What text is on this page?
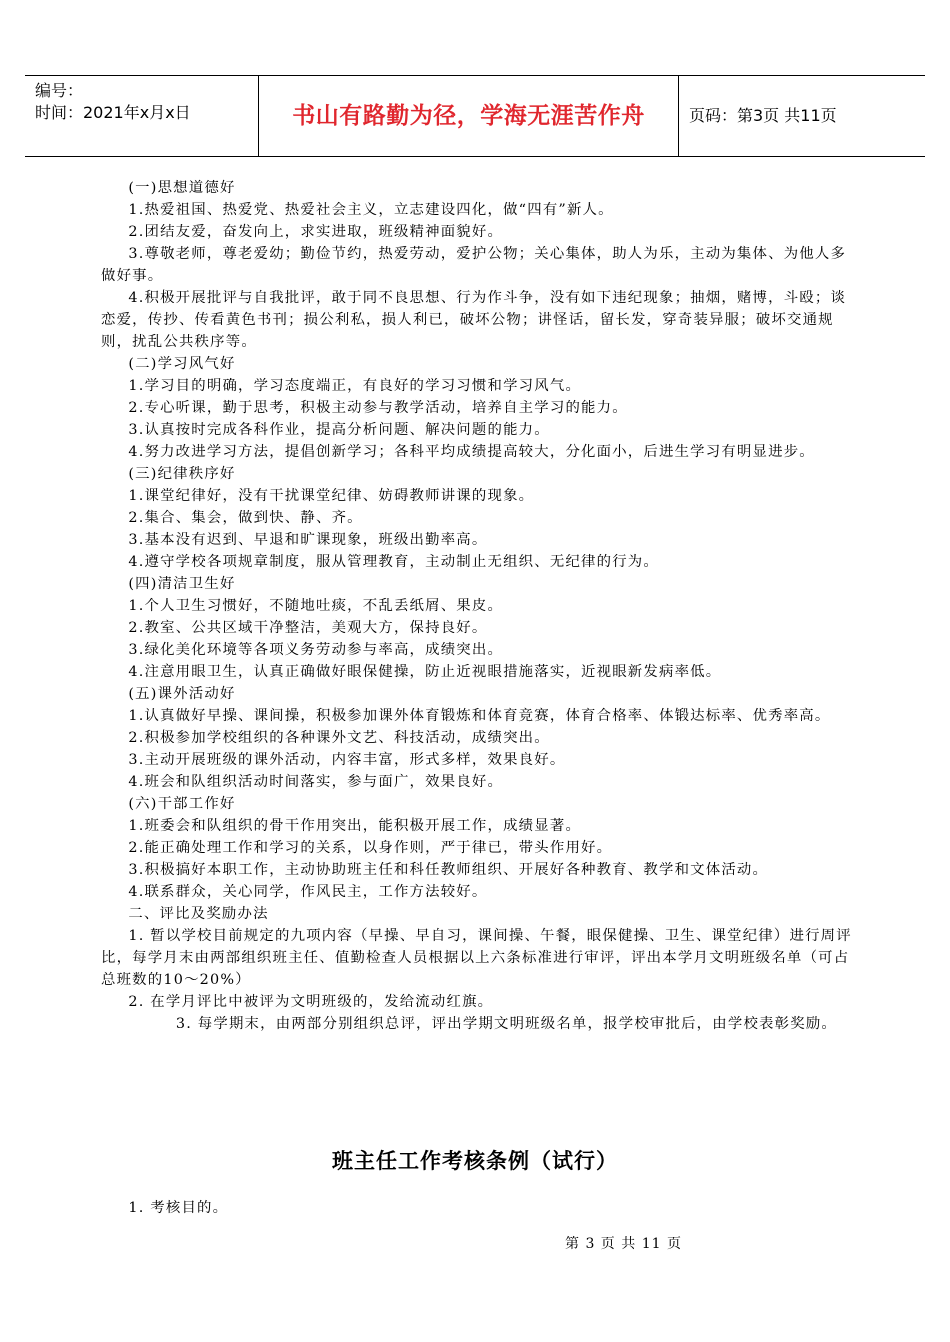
编号：
时间：2021年x月x日	书山有路勤为径，学海无涯苦作舟	页码：第3页 共11页

(一)思想道德好

1.热爱祖国、热爱党、热爱社会主义，立志建设四化，做“四有”新人。

2.团结友爱，奋发向上，求实进取，班级精神面貌好。

3.尊敬老师，尊老爱幼；勤俭节约，热爱劳动，爱护公物；关心集体，助人为乐，主动为集体、为他人多做好事。

4.积极开展批评与自我批评，敢于同不良思想、行为作斗争，没有如下违纪现象；抽烟，赌博，斗殴；谈恋爱，传抄、传看黄色书刊；损公利私，损人利已，破坏公物；讲怪话，留长发，穿奇装异服；破坏交通规则，扰乱公共秩序等。

(二)学习风气好

1.学习目的明确，学习态度端正，有良好的学习习惯和学习风气。

2.专心听课，勤于思考，积极主动参与教学活动，培养自主学习的能力。

3.认真按时完成各科作业，提高分析问题、解决问题的能力。

4.努力改进学习方法，提倡创新学习；各科平均成绩提高较大，分化面小，后进生学习有明显进步。

(三)纪律秩序好

1.课堂纪律好，没有干扰课堂纪律、妨碍教师讲课的现象。

2.集合、集会，做到快、静、齐。

3.基本没有迟到、早退和旷课现象，班级出勤率高。

4.遵守学校各项规章制度，服从管理教育，主动制止无组织、无纪律的行为。

(四)清洁卫生好

1.个人卫生习惯好，不随地吐痰，不乱丢纸屑、果皮。

2.教室、公共区域干净整洁，美观大方，保持良好。

3.绿化美化环境等各项义务劳动参与率高，成绩突出。

4.注意用眼卫生，认真正确做好眼保健操，防止近视眼措施落实，近视眼新发病率低。

(五)课外活动好

1.认真做好早操、课间操，积极参加课外体育锻炼和体育竞赛，体育合格率、体锻达标率、优秀率高。

2.积极参加学校组织的各种课外文艺、科技活动，成绩突出。

3.主动开展班级的课外活动，内容丰富，形式多样，效果良好。

4.班会和队组织活动时间落实，参与面广，效果良好。

(六)干部工作好

1.班委会和队组织的骨干作用突出，能积极开展工作，成绩显著。

2.能正确处理工作和学习的关系，以身作则，严于律已，带头作用好。

3.积极搞好本职工作，主动协助班主任和科任教师组织、开展好各种教育、教学和文体活动。

4.联系群众，关心同学，作风民主，工作方法较好。

二、评比及奖励办法

1. 暂以学校目前规定的九项内容（早操、早自习，课间操、午餐，眼保健操、卫生、课堂纪律）进行周评比，每学月末由两部组织班主任、值勤检查人员根据以上六条标准进行审评，评出本学月文明班级名单（可占总班数的10～20%）

2. 在学月评比中被评为文明班级的，发给流动红旗。

3. 每学期末，由两部分别组织总评，评出学期文明班级名单，报学校审批后，由学校表彰奖励。

班主任工作考核条例（试行）
1. 考核目的。
第 3 页 共 11 页
